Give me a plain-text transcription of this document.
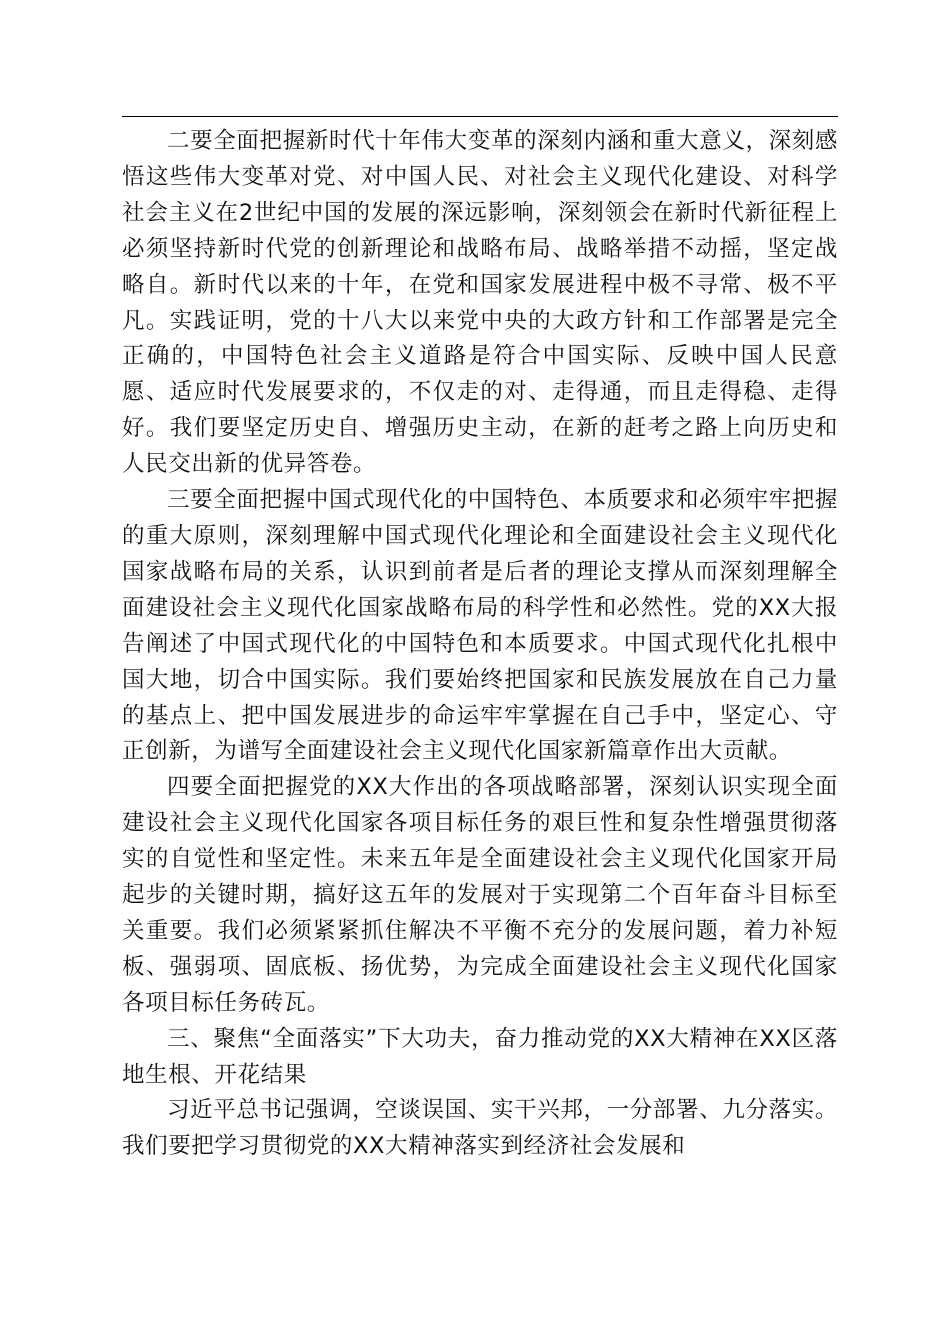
二要全面把握新时代十年伟大变革的深刻内涵和重大意义，深刻感悟这些伟大变革对党、对中国人民、对社会主义现代化建设、对科学社会主义在2世纪中国的发展的深远影响，深刻领会在新时代新征程上必须坚持新时代党的创新理论和战略布局、战略举措不动摇，坚定战略自。新时代以来的十年，在党和国家发展进程中极不寻常、极不平凡。实践证明，党的十八大以来党中央的大政方针和工作部署是完全正确的，中国特色社会主义道路是符合中国实际、反映中国人民意愿、适应时代发展要求的，不仅走的对、走得通，而且走得稳、走得好。我们要坚定历史自、增强历史主动，在新的赶考之路上向历史和人民交出新的优异答卷。

三要全面把握中国式现代化的中国特色、本质要求和必须牢牢把握的重大原则，深刻理解中国式现代化理论和全面建设社会主义现代化国家战略布局的关系，认识到前者是后者的理论支撑从而深刻理解全面建设社会主义现代化国家战略布局的科学性和必然性。党的XX大报告阐述了中国式现代化的中国特色和本质要求。中国式现代化扎根中国大地，切合中国实际。我们要始终把国家和民族发展放在自己力量的基点上、把中国发展进步的命运牢牢掌握在自己手中，坚定心、守正创新，为谱写全面建设社会主义现代化国家新篇章作出大贡献。

四要全面把握党的XX大作出的各项战略部署，深刻认识实现全面建设社会主义现代化国家各项目标任务的艰巨性和复杂性增强贯彻落实的自觉性和坚定性。未来五年是全面建设社会主义现代化国家开局起步的关键时期，搞好这五年的发展对于实现第二个百年奋斗目标至关重要。我们必须紧紧抓住解决不平衡不充分的发展问题，着力补短板、强弱项、固底板、扬优势，为完成全面建设社会主义现代化国家各项目标任务砖瓦。

三、聚焦“全面落实”下大功夫，奋力推动党的XX大精神在XX区落地生根、开花结果

习近平总书记强调，空谈误国、实干兴邦，一分部署、九分落实。我们要把学习贯彻党的XX大精神落实到经济社会发展和
